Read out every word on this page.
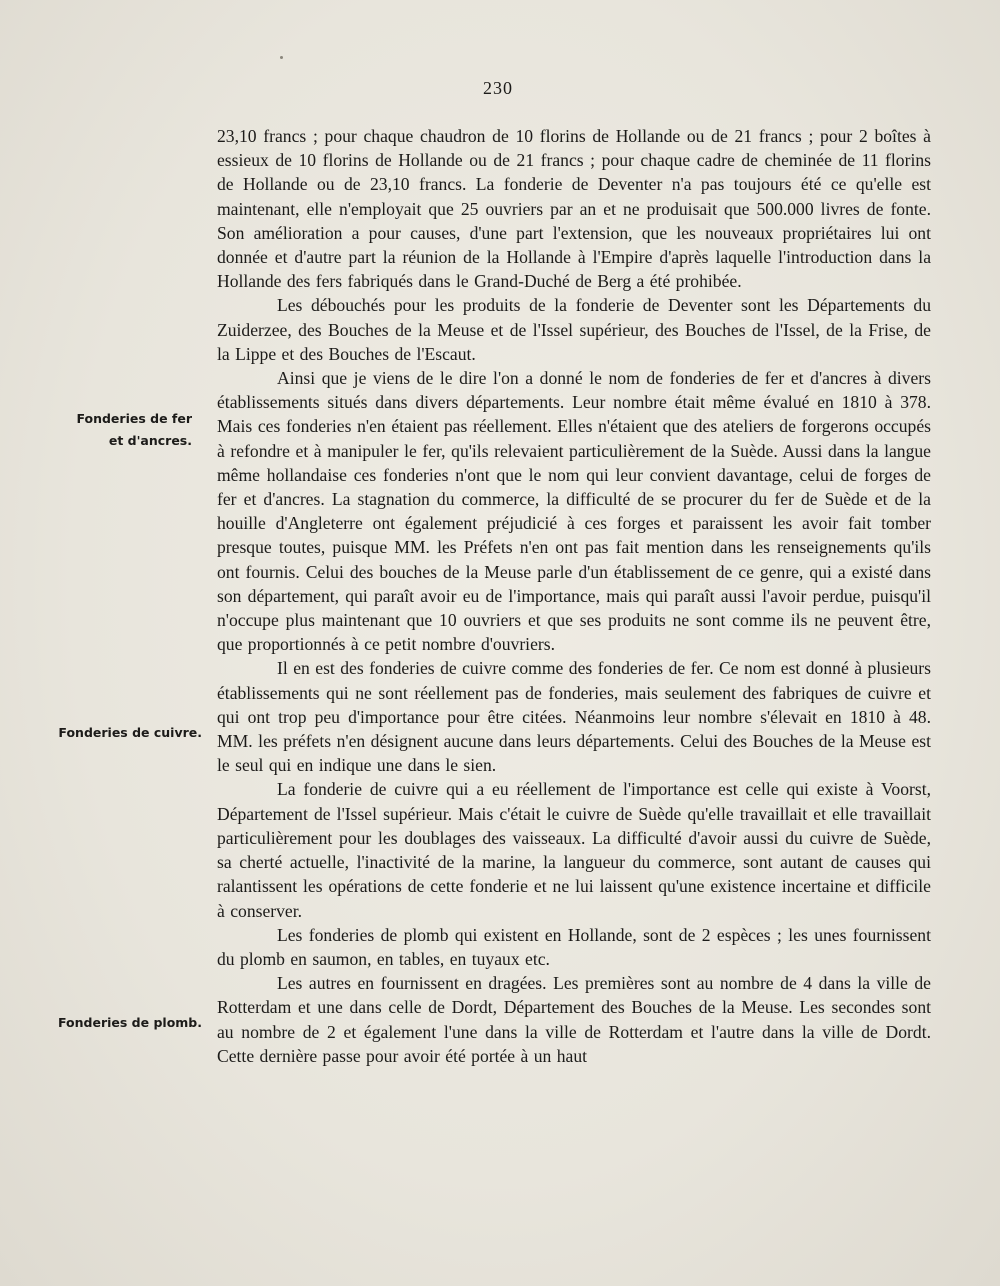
230
Fonderies de fer
et d'ancres.
Fonderies de cuivre.
Fonderies de plomb.

23,10 francs ; pour chaque chaudron de 10 florins de Hollande ou de 21 francs ; pour 2 boîtes à essieux de 10 florins de Hollande ou de 21 francs ; pour chaque cadre de cheminée de 11 florins de Hollande ou de 23,10 francs. La fonderie de Deventer n'a pas toujours été ce qu'elle est maintenant, elle n'employait que 25 ouvriers par an et ne produisait que 500.000 livres de fonte. Son amélioration a pour causes, d'une part l'extension, que les nouveaux propriétaires lui ont donnée et d'autre part la réunion de la Hollande à l'Empire d'après laquelle l'introduction dans la Hollande des fers fabriqués dans le Grand-Duché de Berg a été prohibée.

Les débouchés pour les produits de la fonderie de Deventer sont les Départements du Zuiderzee, des Bouches de la Meuse et de l'Issel supérieur, des Bouches de l'Issel, de la Frise, de la Lippe et des Bouches de l'Escaut.

Ainsi que je viens de le dire l'on a donné le nom de fonderies de fer et d'ancres à divers établissements situés dans divers départements. Leur nombre était même évalué en 1810 à 378. Mais ces fonderies n'en étaient pas réellement. Elles n'étaient que des ateliers de forgerons occupés à refondre et à manipuler le fer, qu'ils relevaient particulièrement de la Suède. Aussi dans la langue même hollandaise ces fonderies n'ont que le nom qui leur convient davantage, celui de forges de fer et d'ancres. La stagnation du commerce, la difficulté de se procurer du fer de Suède et de la houille d'Angleterre ont également préjudicié à ces forges et paraissent les avoir fait tomber presque toutes, puisque MM. les Préfets n'en ont pas fait mention dans les renseignements qu'ils ont fournis. Celui des bouches de la Meuse parle d'un établissement de ce genre, qui a existé dans son département, qui paraît avoir eu de l'importance, mais qui paraît aussi l'avoir perdue, puisqu'il n'occupe plus maintenant que 10 ouvriers et que ses produits ne sont comme ils ne peuvent être, que proportionnés à ce petit nombre d'ouvriers.

Il en est des fonderies de cuivre comme des fonderies de fer. Ce nom est donné à plusieurs établissements qui ne sont réellement pas de fonderies, mais seulement des fabriques de cuivre et qui ont trop peu d'importance pour être citées. Néanmoins leur nombre s'élevait en 1810 à 48. MM. les préfets n'en désignent aucune dans leurs départements. Celui des Bouches de la Meuse est le seul qui en indique une dans le sien.

La fonderie de cuivre qui a eu réellement de l'importance est celle qui existe à Voorst, Département de l'Issel supérieur. Mais c'était le cuivre de Suède qu'elle travaillait et elle travaillait particulièrement pour les doublages des vaisseaux. La difficulté d'avoir aussi du cuivre de Suède, sa cherté actuelle, l'inactivité de la marine, la langueur du commerce, sont autant de causes qui ralantissent les opérations de cette fonderie et ne lui laissent qu'une existence incertaine et difficile à conserver.

Les fonderies de plomb qui existent en Hollande, sont de 2 espèces ; les unes fournissent du plomb en saumon, en tables, en tuyaux etc.

Les autres en fournissent en dragées. Les premières sont au nombre de 4 dans la ville de Rotterdam et une dans celle de Dordt, Département des Bouches de la Meuse. Les secondes sont au nombre de 2 et également l'une dans la ville de Rotterdam et l'autre dans la ville de Dordt. Cette dernière passe pour avoir été portée à un haut
